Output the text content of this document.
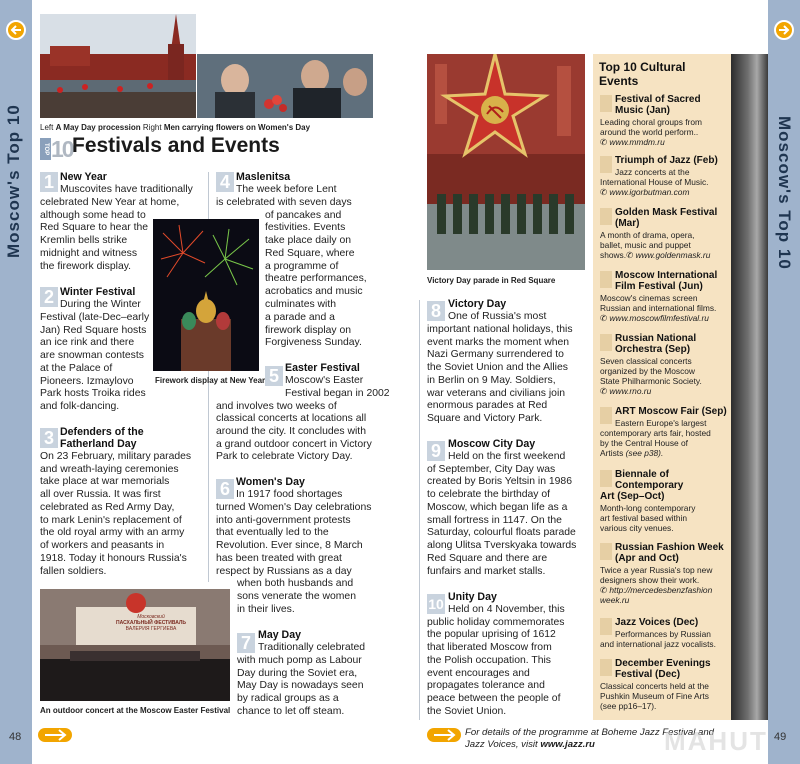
Moscow's Top 10
48
Left A May Day procession Right Men carrying flowers on Women's Day
TOP 10 Festivals and Events
Firework display at New Year
Московский
ПАСХАЛЬНЫЙ ФЕСТИВАЛЬ
ВАЛЕРИЯ ГЕРГИЕВА
An outdoor concert at the Moscow Easter Festival
1 New Year
Muscovites have traditionally
celebrated New Year at home,
although some head to
Red Square to hear the
Kremlin bells strike
midnight and witness
the firework display.
2 Winter Festival
During the Winter
Festival (late-Dec–early
Jan) Red Square hosts
an ice rink and there
are snowman contests
at the Palace of
Pioneers. Izmaylovo
Park hosts Troika rides
and folk-dancing.
3 Defenders of the
Fatherland Day
On 23 February, military parades
and wreath-laying ceremonies
take place at war memorials
all over Russia. It was first
celebrated as Red Army Day,
to mark Lenin's replacement of
the old royal army with an army
of workers and peasants in
1918. Today it honours Russia's
fallen soldiers.
4 Maslenitsa
The week before Lent
is celebrated with seven days
of pancakes and
festivities. Events
take place daily on
Red Square, where
a programme of
theatre performances,
acrobatics and music
culminates with
a parade and a
firework display on
Forgiveness Sunday.
5 Easter Festival
Moscow's Easter
Festival began in 2002
and involves two weeks of
classical concerts at locations all
around the city. It concludes with
a grand outdoor concert in Victory
Park to celebrate Victory Day.
6 Women's Day
In 1917 food shortages
turned Women's Day celebrations
into anti-government protests
that eventually led to the
Revolution. Ever since, 8 March
has been treated with great
respect by Russians as a day
when both husbands and
sons venerate the women
in their lives.
7 May Day
Traditionally celebrated
with much pomp as Labour
Day during the Soviet era,
May Day is nowadays seen
by radical groups as a
chance to let off steam.
Victory Day parade in Red Square
8 Victory Day
One of Russia's most
important national holidays, this
event marks the moment when
Nazi Germany surrendered to
the Soviet Union and the Allies
in Berlin on 9 May. Soldiers,
war veterans and civilians join
enormous parades at Red
Square and Victory Park.
9 Moscow City Day
Held on the first weekend
of September, City Day was
created by Boris Yeltsin in 1986
to celebrate the birthday of
Moscow, which began life as a
small fortress in 1147. On the
Saturday, colourful floats parade
along Ulitsa Tverskyaka towards
Red Square and there are
funfairs and market stalls.
10 Unity Day
Held on 4 November, this
public holiday commemorates
the popular uprising of 1612
that liberated Moscow from
the Polish occupation. This
event encourages and
propagates tolerance and
peace between the people of
the Soviet Union.
Top 10 Cultural
Events
Festival of Sacred
Music (Jan)
Leading choral groups from
around the world perform..
✆ www.mmdm.ru
Triumph of Jazz (Feb)
Jazz concerts at the
International House of Music.
✆ www.igorbutman.com
Golden Mask Festival
(Mar)
A month of drama, opera,
ballet, music and puppet
shows.✆ www.goldenmask.ru
Moscow International
Film Festival (Jun)
Moscow's cinemas screen
Russian and international films.
✆ www.moscowfilmfestival.ru
Russian National
Orchestra (Sep)
Seven classical concerts
organized by the Moscow
State Philharmonic Society.
✆ www.rno.ru
ART Moscow Fair (Sep)
Eastern Europe's largest
contemporary arts fair, hosted
by the Central House of
Artists (see p38).
Biennale of
Contemporary
Art (Sep–Oct)
Month-long contemporary
art festival based within
various city venues.
Russian Fashion Week
(Apr and Oct)
Twice a year Russia's top new
designers show their work.
✆ http://mercedesbenzfashion
week.ru
Jazz Voices (Dec)
Performances by Russian
and international jazz vocalists.
December Evenings
Festival (Dec)
Classical concerts held at the
Pushkin Museum of Fine Arts
(see pp16–17).
Moscow's Top 10
49
For details of the programme at Boheme Jazz Festival and
Jazz Voices, visit www.jazz.ru	MAHUT
